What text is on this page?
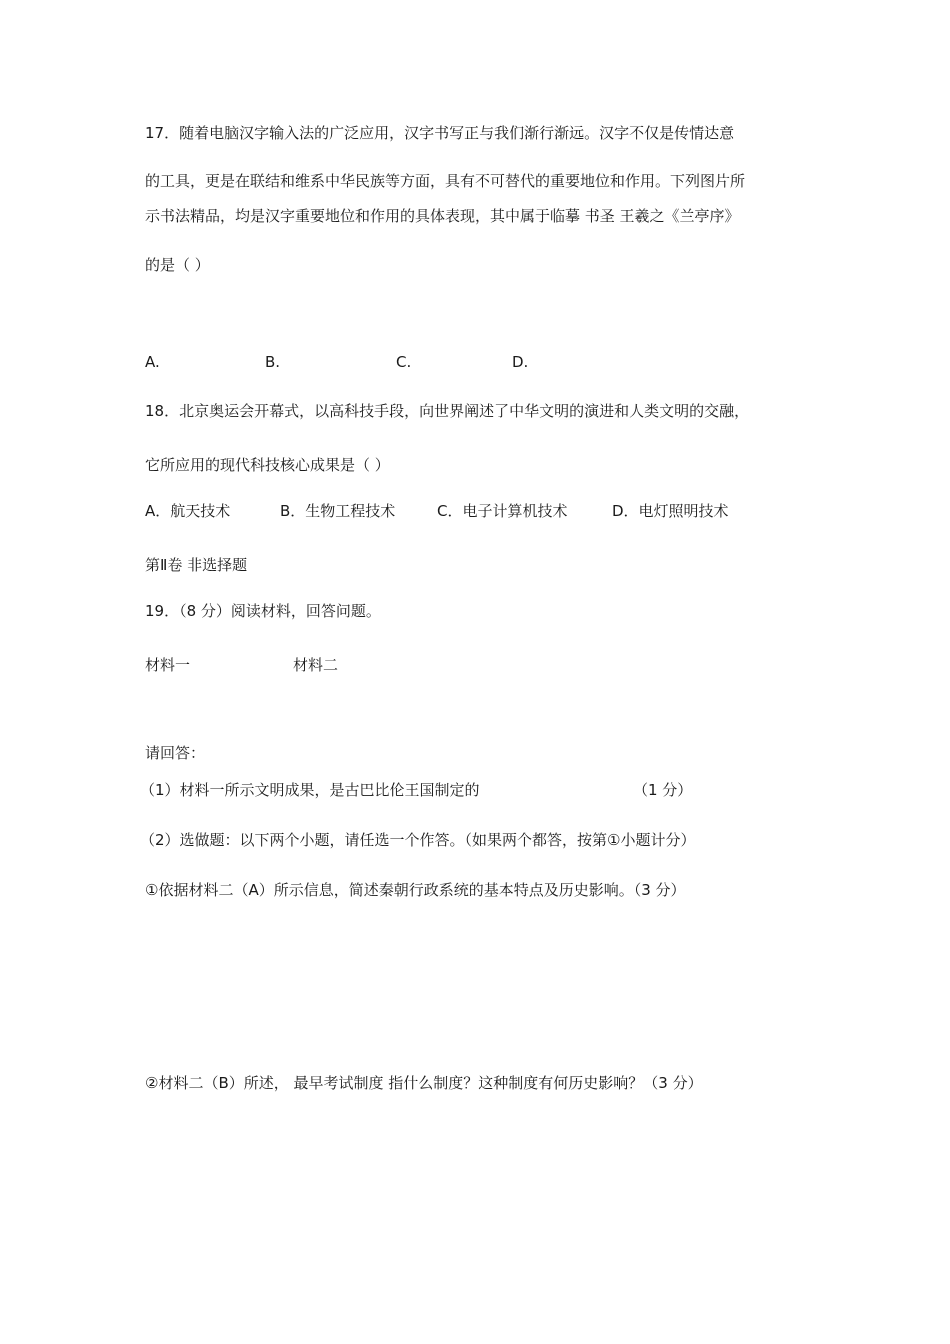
17．随着电脑汉字输入法的广泛应用，汉字书写正与我们渐行渐远。汉字不仅是传情达意
的工具，更是在联结和维系中华民族等方面，具有不可替代的重要地位和作用。下列图片所
示书法精品，均是汉字重要地位和作用的具体表现，其中属于临摹 书圣 王羲之《兰亭序》
的是（ ）
A.	B.	C.	D.
18．北京奥运会开幕式，以高科技手段，向世界阐述了中华文明的演进和人类文明的交融，
它所应用的现代科技核心成果是（ ）
A．航天技术	B．生物工程技术	C．电子计算机技术	D．电灯照明技术
第Ⅱ卷 非选择题
19．（8 分）阅读材料，回答问题。
材料一	材料二
请回答：
（1）材料一所示文明成果，是古巴比伦王国制定的	（1 分）
（2）选做题：以下两个小题，请任选一个作答。（如果两个都答，按第①小题计分）
①依据材料二（A）所示信息，简述秦朝行政系统的基本特点及历史影响。（3 分）
②材料二（B）所述， 最早考试制度 指什么制度？这种制度有何历史影响？（3 分）
